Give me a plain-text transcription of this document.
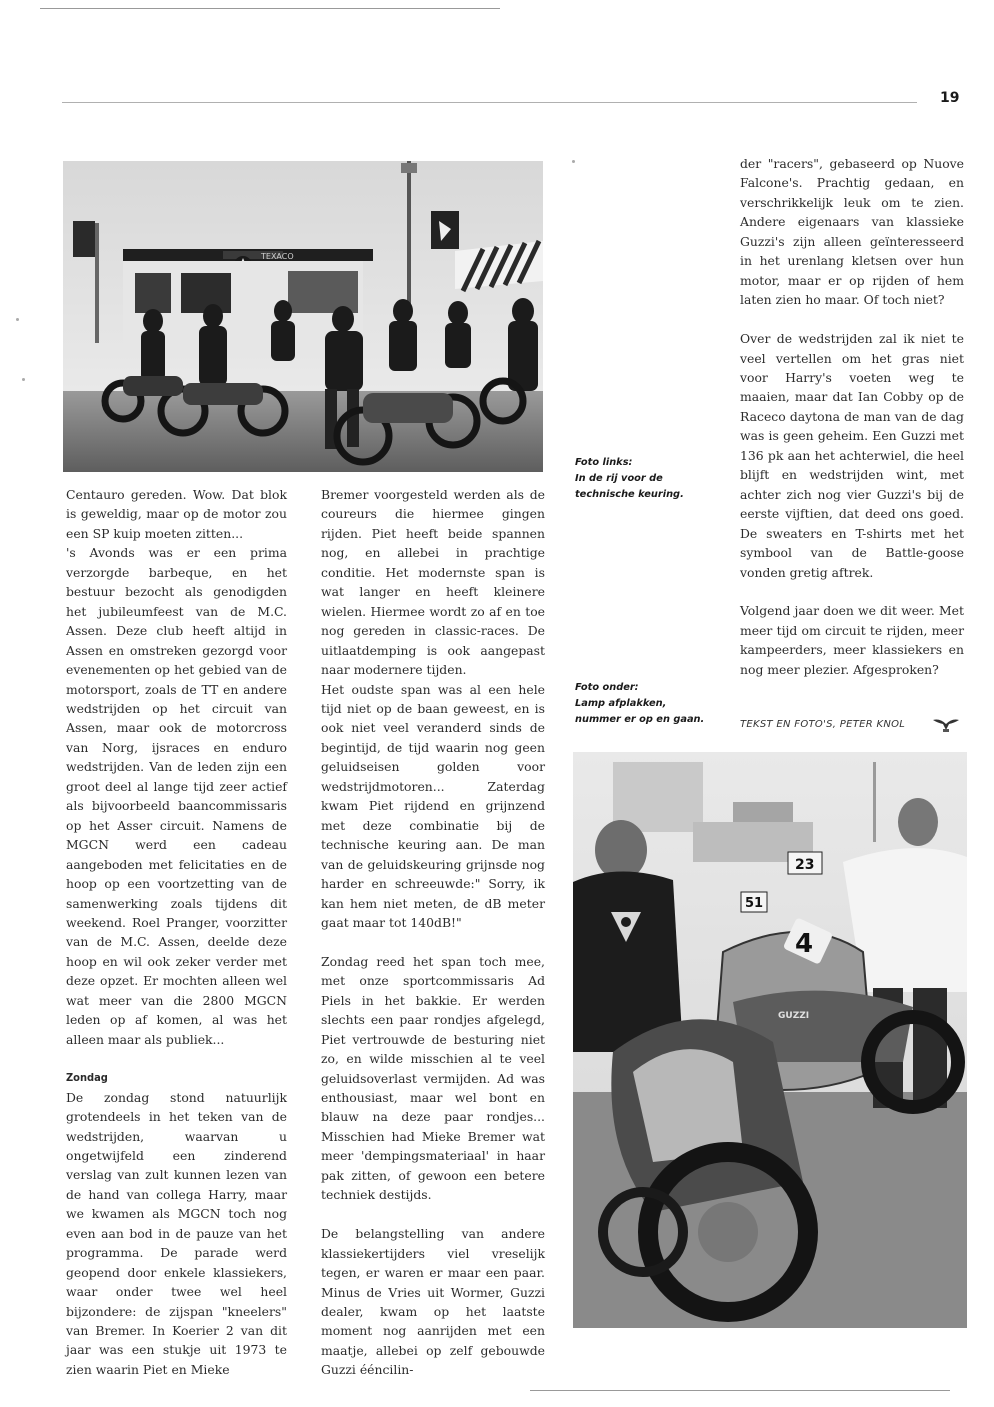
19
TEXACO
23
51
4
GUZZI

Centauro gereden. Wow. Dat blok is geweldig, maar op de motor zou een SP kuip moeten zitten...

's Avonds was er een prima verzorgde barbeque, en het bestuur bezocht als genodigden het jubileumfeest van de M.C. Assen. Deze club heeft altijd in Assen en omstreken gezorgd voor evenementen op het gebied van de motorsport, zoals de TT en andere wedstrijden op het circuit van Assen, maar ook de motorcross van Norg, ijsraces en enduro wedstrijden. Van de leden zijn een groot deel al lange tijd zeer actief als bijvoorbeeld baancommissaris op het Asser circuit. Namens de MGCN werd een cadeau aangeboden met felicitaties en de hoop op een voortzetting van de samenwerking zoals tijdens dit weekend. Roel Pranger, voorzitter van de M.C. Assen, deelde deze hoop en wil ook zeker verder met deze opzet. Er mochten alleen wel wat meer van die 2800 MGCN leden op af komen, al was het alleen maar als publiek...

Zondag

De zondag stond natuurlijk grotendeels in het teken van de wedstrijden, waarvan u ongetwijfeld een zinderend verslag van zult kunnen lezen van de hand van collega Harry, maar we kwamen als MGCN toch nog even aan bod in de pauze van het programma. De parade werd geopend door enkele klassiekers, waar onder twee wel heel bijzondere: de zijspan "kneelers" van Bremer. In Koerier 2 van dit jaar was een stukje uit 1973 te zien waarin Piet en Mieke

Bremer voorgesteld werden als de coureurs die hiermee gingen rijden. Piet heeft beide spannen nog, en allebei in prachtige conditie. Het modernste span is wat langer en heeft kleinere wielen. Hiermee wordt zo af en toe nog gereden in classic-races. De uitlaatdemping is ook aangepast naar modernere tijden.

Het oudste span was al een hele tijd niet op de baan geweest, en is ook niet veel veranderd sinds de begintijd, de tijd waarin nog geen geluidseisen golden voor wedstrijdmotoren... Zaterdag kwam Piet rijdend en grijnzend met deze combinatie bij de technische keuring aan. De man van de geluidskeuring grijnsde nog harder en schreeuwde:" Sorry, ik kan hem niet meten, de dB meter gaat maar tot 140dB!"

Zondag reed het span toch mee, met onze sportcommissaris Ad Piels in het bakkie. Er werden slechts een paar rondjes afgelegd, Piet vertrouwde de besturing niet zo, en wilde misschien al te veel geluidsoverlast vermijden. Ad was enthousiast, maar wel bont en blauw na deze paar rondjes... Misschien had Mieke Bremer wat meer 'dempingsmateriaal' in haar pak zitten, of gewoon een betere techniek destijds.

De belangstelling van andere klassiekertijders viel vreselijk tegen, er waren er maar een paar. Minus de Vries uit Wormer, Guzzi dealer, kwam op het laatste moment nog aanrijden met een maatje, allebei op zelf gebouwde Guzzi ééncilin-

der "racers", gebaseerd op Nuove Falcone's. Prachtig gedaan, en verschrikkelijk leuk om te zien. Andere eigenaars van klassieke Guzzi's zijn alleen geïnteresseerd in het urenlang kletsen over hun motor, maar er op rijden of hem laten zien ho maar. Of toch niet?

Over de wedstrijden zal ik niet te veel vertellen om het gras niet voor Harry's voeten weg te maaien, maar dat Ian Cobby op de Raceco daytona de man van de dag was is geen geheim. Een Guzzi met 136 pk aan het achterwiel, die heel blijft en wedstrijden wint, met achter zich nog vier Guzzi's bij de eerste vijftien, dat deed ons goed. De sweaters en T-shirts met het symbool van de Battle-goose vonden gretig aftrek.

Volgend jaar doen we dit weer. Met meer tijd om circuit te rijden, meer kampeerders, meer klassiekers en nog meer plezier. Afgesproken?

Foto links:
In de rij voor de technische keuring.
Foto onder:
Lamp afplakken, nummer er op en gaan.	TEKST EN FOTO'S, PETER KNOL
